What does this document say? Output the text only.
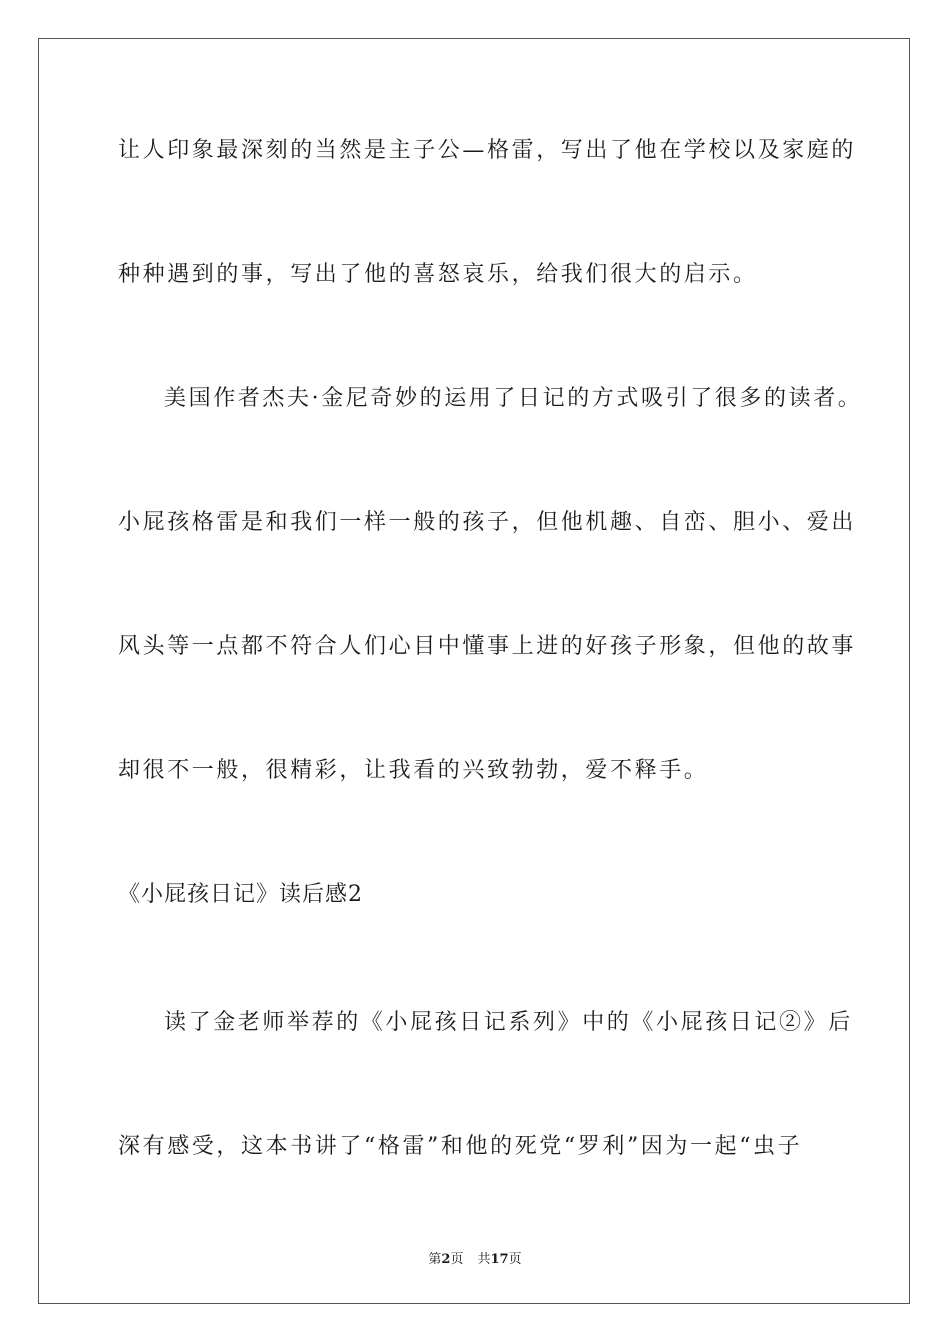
让人印象最深刻的当然是主子公—格雷，写出了他在学校以及家庭的
种种遇到的事，写出了他的喜怒哀乐，给我们很大的启示。
美国作者杰夫·金尼奇妙的运用了日记的方式吸引了很多的读者。
小屁孩格雷是和我们一样一般的孩子，但他机趣、自峦、胆小、爱出
风头等一点都不符合人们心目中懂事上进的好孩子形象，但他的故事
却很不一般，很精彩，让我看的兴致勃勃，爱不释手。
《小屁孩日记》读后感2
读了金老师举荐的《小屁孩日记系列》中的《小屁孩日记②》后
深有感受，这本书讲了“格雷”和他的死党“罗利”因为一起“虫子
第2页 共17页
